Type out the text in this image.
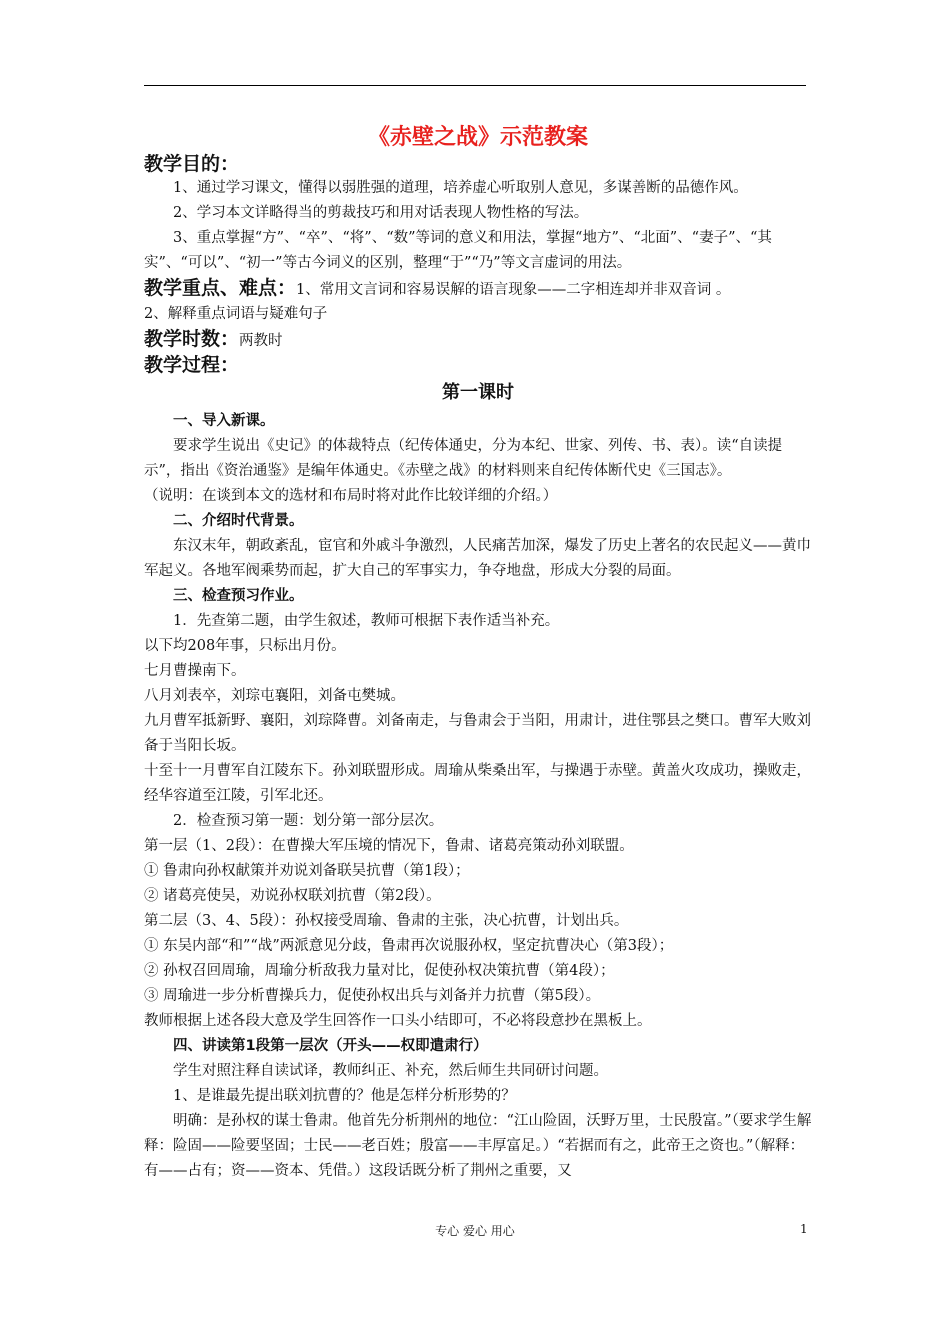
《赤壁之战》示范教案
教学目的：

1、通过学习课文，懂得以弱胜强的道理，培养虚心听取别人意见，多谋善断的品德作风。

2、学习本文详略得当的剪裁技巧和用对话表现人物性格的写法。

3、重点掌握“方”、“卒”、“将”、“数”等词的意义和用法，掌握“地方”、“北面”、“妻子”、“其实”、“可以”、“初一”等古今词义的区别，整理“于”“乃”等文言虚词的用法。

教学重点、难点：1、常用文言词和容易误解的语言现象——二字相连却并非双音词 。

2、解释重点词语与疑难句子

教学时数：两教时
教学过程：
第一课时
一、导入新课。

要求学生说出《史记》的体裁特点（纪传体通史，分为本纪、世家、列传、书、表）。读“自读提示”，指出《资治通鉴》是编年体通史。《赤壁之战》的材料则来自纪传体断代史《三国志》。

（说明：在谈到本文的选材和布局时将对此作比较详细的介绍。）

二、介绍时代背景。

东汉末年，朝政紊乱，宦官和外戚斗争激烈，人民痛苦加深，爆发了历史上著名的农民起义——黄巾军起义。各地军阀乘势而起，扩大自己的军事实力，争夺地盘，形成大分裂的局面。

三、检查预习作业。

1．先查第二题，由学生叙述，教师可根据下表作适当补充。

以下均208年事，只标出月份。

七月曹操南下。

八月刘表卒，刘琮屯襄阳，刘备屯樊城。

九月曹军抵新野、襄阳，刘琮降曹。刘备南走，与鲁肃会于当阳，用肃计，进住鄂县之樊口。曹军大败刘备于当阳长坂。

十至十一月曹军自江陵东下。孙刘联盟形成。周瑜从柴桑出军，与操遇于赤壁。黄盖火攻成功，操败走，经华容道至江陵，引军北还。

2．检查预习第一题：划分第一部分层次。

第一层（1、2段）：在曹操大军压境的情况下，鲁肃、诸葛亮策动孙刘联盟。

① 鲁肃向孙权献策并劝说刘备联吴抗曹（第1段）；

② 诸葛亮使吴，劝说孙权联刘抗曹（第2段）。

第二层（3、4、5段）：孙权接受周瑜、鲁肃的主张，决心抗曹，计划出兵。

① 东吴内部“和”“战”两派意见分歧，鲁肃再次说服孙权，坚定抗曹决心（第3段）；

② 孙权召回周瑜，周瑜分析敌我力量对比，促使孙权决策抗曹（第4段）；

③ 周瑜进一步分析曹操兵力，促使孙权出兵与刘备并力抗曹（第5段）。

教师根据上述各段大意及学生回答作一口头小结即可，不必将段意抄在黑板上。

四、讲读第1段第一层次（开头——权即遣肃行）

学生对照注释自读试译，教师纠正、补充，然后师生共同研讨问题。

1、是谁最先提出联刘抗曹的？他是怎样分析形势的？

明确：是孙权的谋士鲁肃。他首先分析荆州的地位：“江山险固，沃野万里，士民殷富。”（要求学生解释：险固——险要坚固；士民——老百姓；殷富——丰厚富足。）“若据而有之，此帝王之资也。”（解释：有——占有；资——资本、凭借。）这段话既分析了荆州之重要，又

专心 爱心 用心	1
